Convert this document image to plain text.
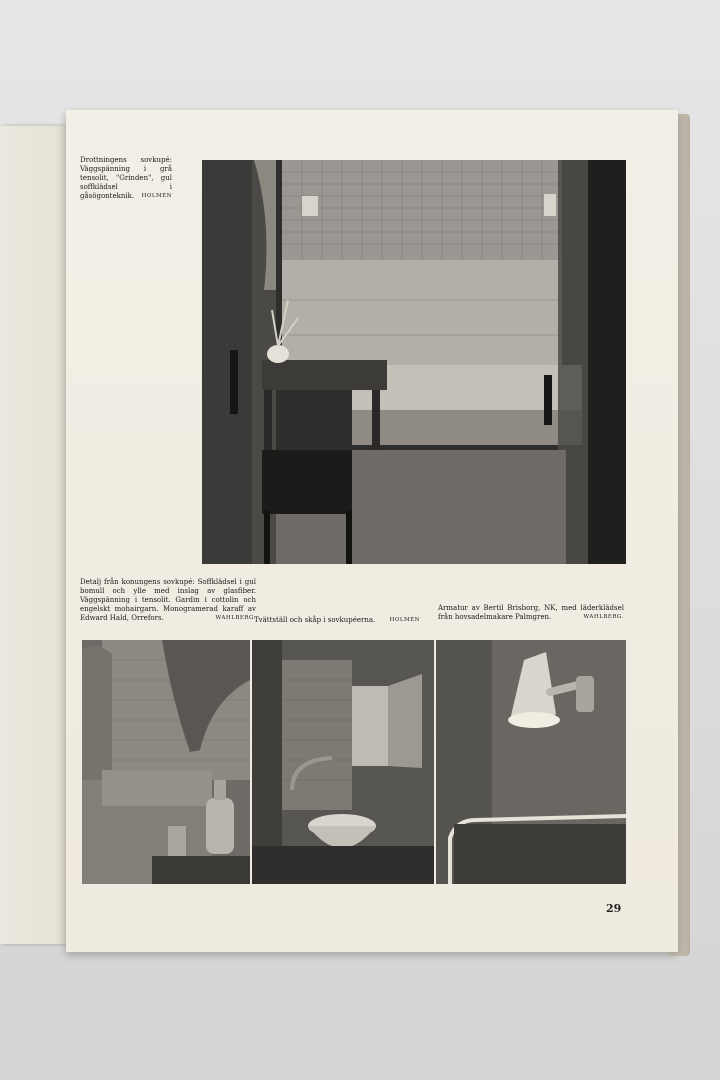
Drottningens sovkupé: Väggspänning i grå tensolit, "Grinden", gul soffklädsel i gåsögonteknik. HOLMÉN
Detalj från konungens sovkupé: Soffklädsel i gul bomull och ylle med inslag av glasfiber. Väggspänning i tensolit. Gardin i cottolin och engelskt mohairgarn. Monogramerad karaff av Edward Hald, Orrefors.	WAHLBERG.
Tvättställ och skåp i sovkupéerna.	HOLMÉN
Armatur av Bertil Brisborg, NK, med läderklädsel från hovsadelmakare Palmgren.	WAHLBERG.
29
